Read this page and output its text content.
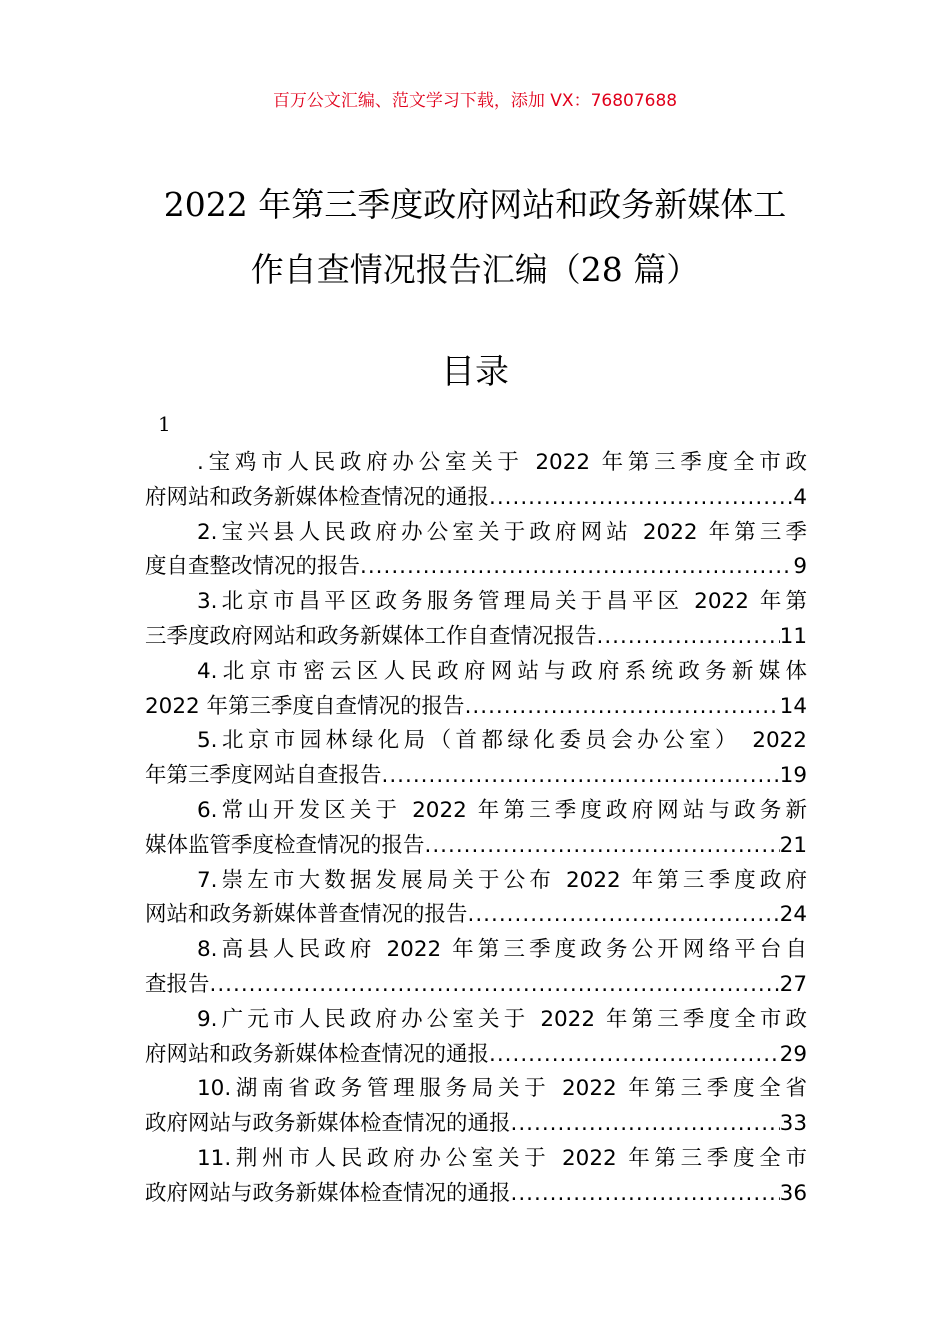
百万公文汇编、范文学习下载，添加 VX：76807688
2022 年第三季度政府网站和政务新媒体工
作自查情况报告汇编（28 篇）
目录
1
.宝鸡市人民政府办公室关于 2022 年第三季度全市政
府网站和政务新媒体检查情况的通报 .....	4
2.宝兴县人民政府办公室关于政府网站 2022 年第三季
度自查整改情况的报告 .....	9
3.北京市昌平区政务服务管理局关于昌平区 2022 年第
三季度政府网站和政务新媒体工作自查情况报告 .....	11
4.北京市密云区人民政府网站与政府系统政务新媒体
2022 年第三季度自查情况的报告 .....	14
5.北京市园林绿化局（首都绿化委员会办公室） 2022
年第三季度网站自查报告 .....	19
6.常山开发区关于 2022 年第三季度政府网站与政务新
媒体监管季度检查情况的报告 .....	21
7.崇左市大数据发展局关于公布 2022 年第三季度政府
网站和政务新媒体普查情况的报告 .....	24
8.高县人民政府 2022 年第三季度政务公开网络平台自
查报告 .....	27
9.广元市人民政府办公室关于 2022 年第三季度全市政
府网站和政务新媒体检查情况的通报 .....	29
10.湖南省政务管理服务局关于 2022 年第三季度全省
政府网站与政务新媒体检查情况的通报 .....	33
11.荆州市人民政府办公室关于 2022 年第三季度全市
政府网站与政务新媒体检查情况的通报 .....	36
